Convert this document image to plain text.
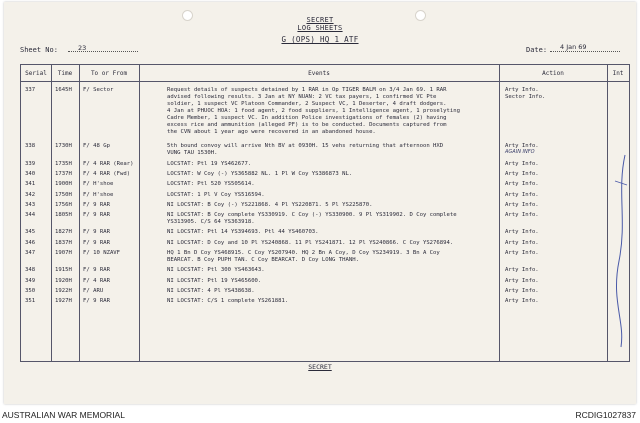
SECRET
LOG SHEETS
G (OPS) HQ 1 ATF
Sheet No:	23	Date: 4 Jan 69
Serial	Time	To or From	Events	Action	Int
337	1645H	F/ Sector	Request details of suspects detained by 1 RAR in Op TIGER BALM on 3/4 Jan 69. 1 RAR
advised following results. 3 Jan at NY NUAN: 2 VC tax payers, 1 confirmed VC Pte
soldier, 1 suspect VC Platoon Commander, 2 Suspect VC, 1 Deserter, 4 draft dodgers.
4 Jan at PHUOC HOA: 1 food agent, 2 food suppliers, 1 Intelligence agent, 1 proselyting
Cadre Member, 1 suspect VC. In addition Police investigations of females (2) having
excess rice and ammunition (alleged PF) is to be conducted. Documents captured from
the CVN about 1 year ago were recovered in an abandoned house.
Arty Info.
Sector Info.
338	1730H	F/ 48 Gp	5th bound convoy will arrive Nth BV at 0930H. 15 vehs returning that afternoon HXD
VUNG TAU 1530H.
Arty Info.
AGAIN INFO
339	1735H	F/ 4 RAR (Rear)	LOCSTAT: Ptl 19 YS462677.	Arty Info.
340	1737H	F/ 4 RAR (Fwd)	LOCSTAT: W Coy (-) YS365882 NL. 1 Pl W Coy YS386873 NL.	Arty Info.
341	1900H	F/ H'shoe	LOCSTAT: Ptl 520 YS505614.	Arty Info.
342	1750H	F/ H'shoe	LOCSTAT: 1 Pl V Coy YS516594.	Arty Info.
343	1756H	F/ 9 RAR	NI LOCSTAT: B Coy (-) YS221868. 4 Pl YS220871. 5 Pl YS225870.	Arty Info.
344	1805H	F/ 9 RAR	NI LOCSTAT: B Coy complete YS330919. C Coy (-) YS330900. 9 Pl YS319902. D Coy complete
YS313905. C/S 64 YS363918.
Arty Info.
345	1827H	F/ 9 RAR	NI LOCSTAT: Ptl 14 YS394693. Ptl 44 YS460703.	Arty Info.
346	1837H	F/ 9 RAR	NI LOCSTAT: D Coy and 10 Pl YS240868. 11 Pl YS241871. 12 Pl YS240866. C Coy YS276894.	Arty Info.
347	1907H	F/ 10 NZAVF	HQ 1 Bn D Coy YS468915. C Coy YS207940. HQ 2 Bn A Coy, D Coy YS234919. 3 Bn A Coy
BEARCAT. B Coy PUPH TAN. C Coy BEARCAT. D Coy LONG THANH.
Arty Info.
348	1915H	F/ 9 RAR	NI LOCSTAT: Ptl 300 YS463643.	Arty Info.
349	1920H	F/ 4 RAR	NI LOCSTAT: Ptl 19 YS465600.	Arty Info.
350	1922H	F/ ARU	NI LOCSTAT: 4 Pl YS438638.	Arty Info.
351	1927H	F/ 9 RAR	NI LOCSTAT: C/S 1 complete YS261881.	Arty Info.
SECRET
AUSTRALIAN WAR MEMORIAL	RCDIG1027837
